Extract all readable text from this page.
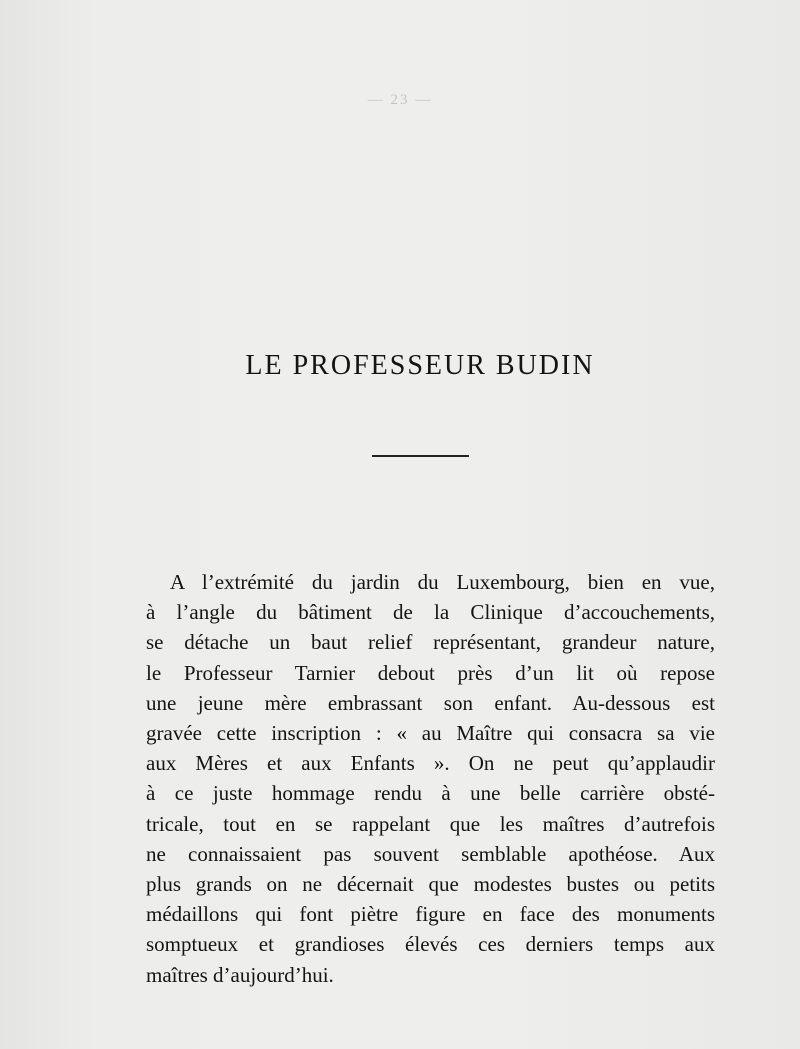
— 23 —
LE PROFESSEUR BUDIN
A l’extrémité du jardin du Luxembourg, bien en vue,
à l’angle du bâtiment de la Clinique d’accouchements,
se détache un baut relief représentant, grandeur nature,
le Professeur Tarnier debout près d’un lit où repose
une jeune mère embrassant son enfant. Au-dessous est
gravée cette inscription : « au Maître qui consacra sa vie
aux Mères et aux Enfants ». On ne peut qu’applaudir
à ce juste hommage rendu à une belle carrière obsté-
tricale, tout en se rappelant que les maîtres d’autrefois
ne connaissaient pas souvent semblable apothéose. Aux
plus grands on ne décernait que modestes bustes ou petits
médaillons qui font piètre figure en face des monuments
somptueux et grandioses élevés ces derniers temps aux
maîtres d’aujourd’hui.
